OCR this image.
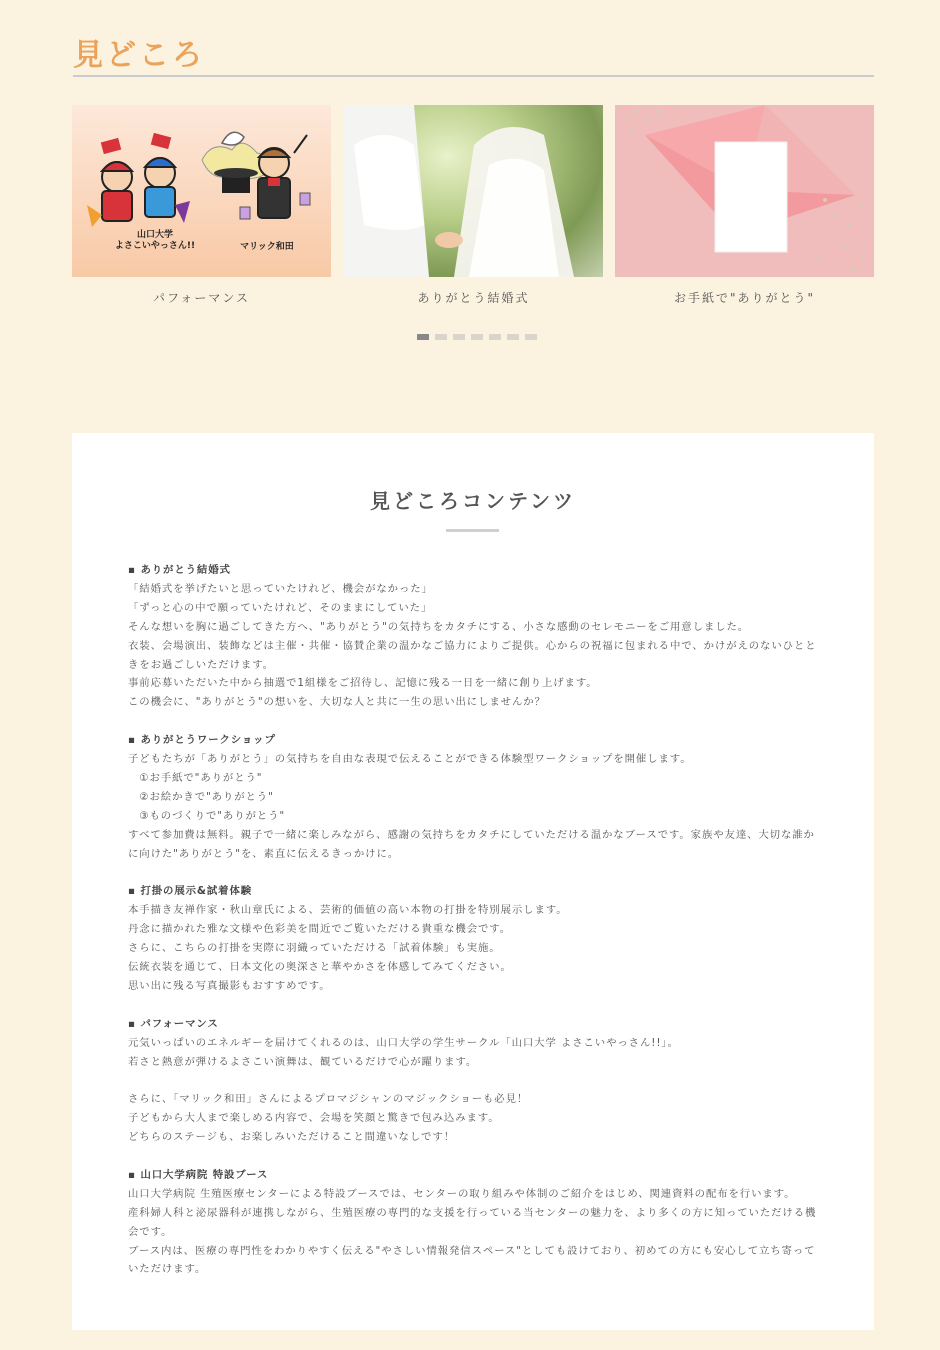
見どころ
山口大学
よさこいやっさん!!	マリック和田
パフォーマンス	ありがとう結婚式	お手紙で"ありがとう"
見どころコンテンツ
▪ ありがとう結婚式
「結婚式を挙げたいと思っていたけれど、機会がなかった」
「ずっと心の中で願っていたけれど、そのままにしていた」
そんな想いを胸に過ごしてきた方へ、"ありがとう"の気持ちをカタチにする、小さな感動のセレモニーをご用意しました。
衣装、会場演出、装飾などは主催・共催・協賛企業の温かなご協力によりご提供。心からの祝福に包まれる中で、かけがえのないひとときをお過ごしいただけます。
事前応募いただいた中から抽選で1組様をご招待し、記憶に残る一日を一緒に創り上げます。
この機会に、"ありがとう"の想いを、大切な人と共に一生の思い出にしませんか？
▪ ありがとうワークショップ
子どもたちが「ありがとう」の気持ちを自由な表現で伝えることができる体験型ワークショップを開催します。
　①お手紙で"ありがとう"
　②お絵かきで"ありがとう"
　③ものづくりで"ありがとう"
すべて参加費は無料。親子で一緒に楽しみながら、感謝の気持ちをカタチにしていただける温かなブースです。家族や友達、大切な誰かに向けた"ありがとう"を、素直に伝えるきっかけに。
▪ 打掛の展示&試着体験
本手描き友禅作家・秋山章氏による、芸術的価値の高い本物の打掛を特別展示します。
丹念に描かれた雅な文様や色彩美を間近でご覧いただける貴重な機会です。
さらに、こちらの打掛を実際に羽織っていただける「試着体験」も実施。
伝統衣装を通じて、日本文化の奥深さと華やかさを体感してみてください。
思い出に残る写真撮影もおすすめです。
▪ パフォーマンス
元気いっぱいのエネルギーを届けてくれるのは、山口大学の学生サークル「山口大学 よさこいやっさん!!」。
若さと熱意が弾けるよさこい演舞は、観ているだけで心が躍ります。
さらに、「マリック和田」さんによるプロマジシャンのマジックショーも必見！
子どもから大人まで楽しめる内容で、会場を笑顔と驚きで包み込みます。
どちらのステージも、お楽しみいただけること間違いなしです！
▪ 山口大学病院 特設ブース
山口大学病院 生殖医療センターによる特設ブースでは、センターの取り組みや体制のご紹介をはじめ、関連資料の配布を行います。
産科婦人科と泌尿器科が連携しながら、生殖医療の専門的な支援を行っている当センターの魅力を、より多くの方に知っていただける機会です。
ブース内は、医療の専門性をわかりやすく伝える"やさしい情報発信スペース"としても設けており、初めての方にも安心して立ち寄っていただけます。
